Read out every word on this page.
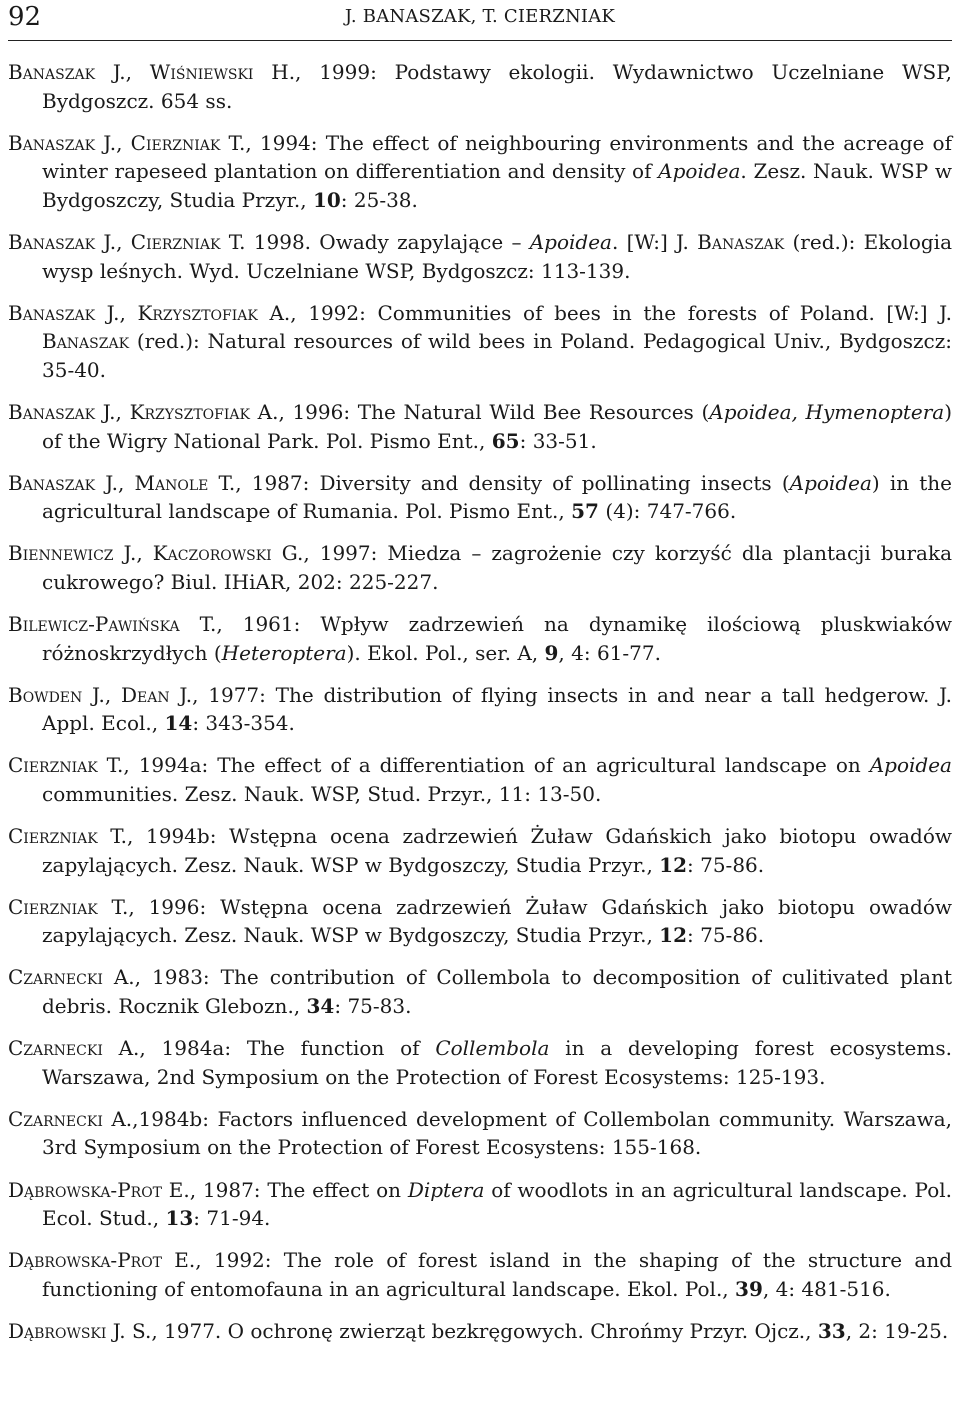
92	J. BANASZAK, T. CIERZNIAK

Banaszak J., Wiśniewski H., 1999: Podstawy ekologii. Wydawnictwo Uczelniane WSP, Bydgoszcz. 654 ss.

Banaszak J., Cierzniak T., 1994: The effect of neighbouring environments and the acreage of winter rapeseed plantation on differentiation and density of Apoidea. Zesz. Nauk. WSP w Bydgoszczy, Studia Przyr., 10: 25-38.

Banaszak J., Cierzniak T. 1998. Owady zapylające – Apoidea. [W:] J. Banaszak (red.): Ekologia wysp leśnych. Wyd. Uczelniane WSP, Bydgoszcz: 113-139.

Banaszak J., Krzysztofiak A., 1992: Communities of bees in the forests of Poland. [W:] J. Banaszak (red.): Natural resources of wild bees in Poland. Pedagogical Univ., Bydgoszcz: 35-40.

Banaszak J., Krzysztofiak A., 1996: The Natural Wild Bee Resources (Apoidea, Hymenoptera) of the Wigry National Park. Pol. Pismo Ent., 65: 33-51.

Banaszak J., Manole T., 1987: Diversity and density of pollinating insects (Apoidea) in the agricultural landscape of Rumania. Pol. Pismo Ent., 57 (4): 747-766.

Biennewicz J., Kaczorowski G., 1997: Miedza – zagrożenie czy korzyść dla plantacji buraka cukrowego? Biul. IHiAR, 202: 225-227.

Bilewicz-Pawińska T., 1961: Wpływ zadrzewień na dynamikę ilościową pluskwiaków różnoskrzydłych (Heteroptera). Ekol. Pol., ser. A, 9, 4: 61-77.

Bowden J., Dean J., 1977: The distribution of flying insects in and near a tall hedgerow. J. Appl. Ecol., 14: 343-354.

Cierzniak T., 1994a: The effect of a differentiation of an agricultural landscape on Apoidea communities. Zesz. Nauk. WSP, Stud. Przyr., 11: 13-50.

Cierzniak T., 1994b: Wstępna ocena zadrzewień Żuław Gdańskich jako biotopu owadów zapylających. Zesz. Nauk. WSP w Bydgoszczy, Studia Przyr., 12: 75-86.

Cierzniak T., 1996: Wstępna ocena zadrzewień Żuław Gdańskich jako biotopu owadów zapylających. Zesz. Nauk. WSP w Bydgoszczy, Studia Przyr., 12: 75-86.

Czarnecki A., 1983: The contribution of Collembola to decomposition of culitivated plant debris. Rocznik Glebozn., 34: 75-83.

Czarnecki A., 1984a: The function of Collembola in a developing forest ecosystems. Warszawa, 2nd Symposium on the Protection of Forest Ecosystems: 125-193.

Czarnecki A.,1984b: Factors influenced development of Collembolan community. Warszawa, 3rd Symposium on the Protection of Forest Ecosystens: 155-168.

Dąbrowska-Prot E., 1987: The effect on Diptera of woodlots in an agricultural landscape. Pol. Ecol. Stud., 13: 71-94.

Dąbrowska-Prot E., 1992: The role of forest island in the shaping of the structure and functioning of entomofauna in an agricultural landscape. Ekol. Pol., 39, 4: 481-516.

Dąbrowski J. S., 1977. O ochronę zwierząt bezkręgowych. Chrońmy Przyr. Ojcz., 33, 2: 19-25.
